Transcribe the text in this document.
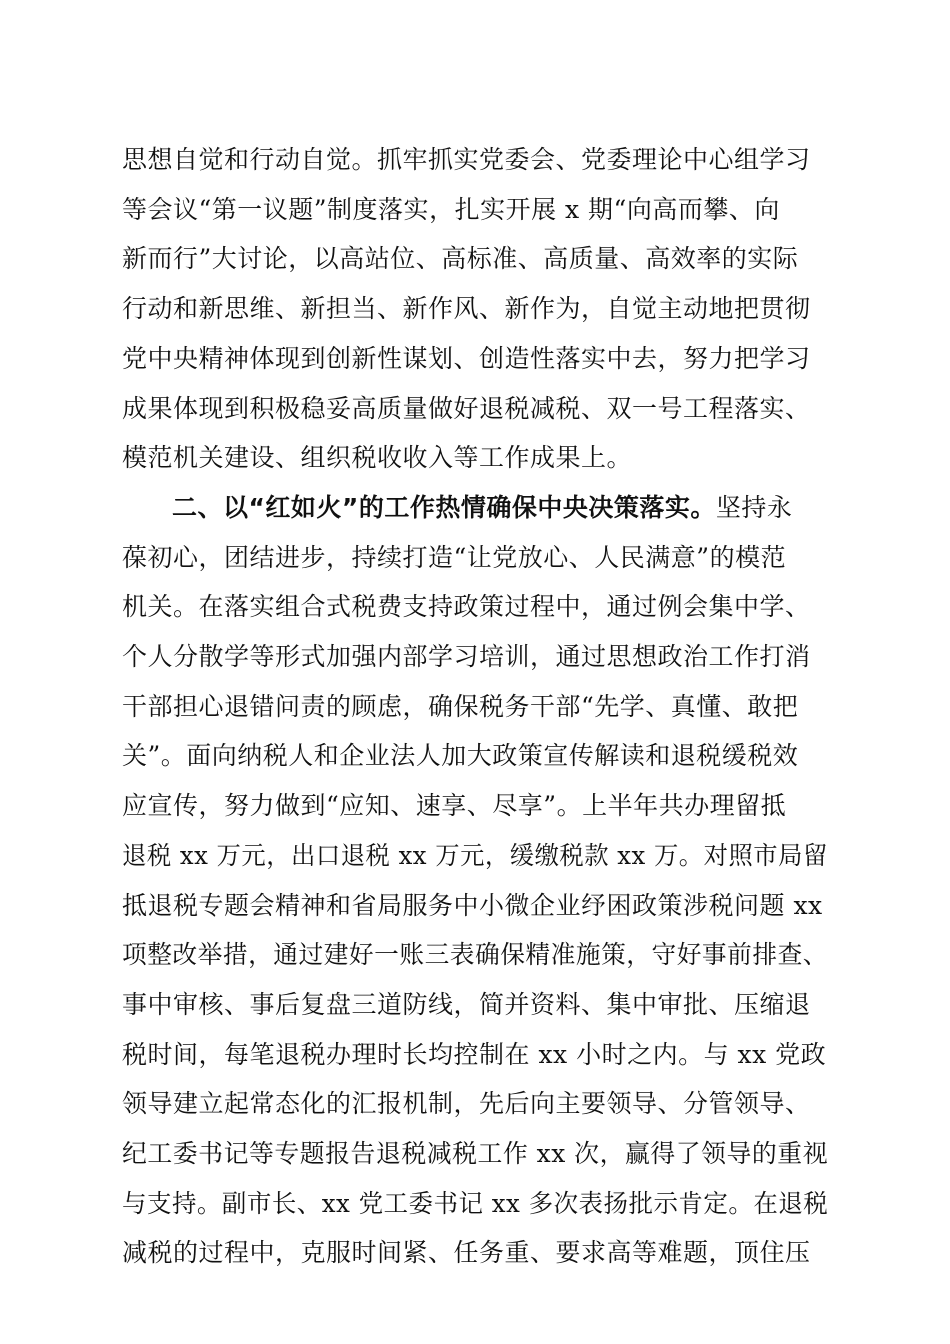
思想自觉和行动自觉。抓牢抓实党委会、党委理论中心组学习
等会议“第一议题”制度落实，扎实开展 x 期“向高而攀、向
新而行”大讨论，以高站位、高标准、高质量、高效率的实际
行动和新思维、新担当、新作风、新作为，自觉主动地把贯彻
党中央精神体现到创新性谋划、创造性落实中去，努力把学习
成果体现到积极稳妥高质量做好退税减税、双一号工程落实、
模范机关建设、组织税收收入等工作成果上。
二、以“红如火”的工作热情确保中央决策落实。坚持永
葆初心，团结进步，持续打造“让党放心、人民满意”的模范
机关。在落实组合式税费支持政策过程中，通过例会集中学、
个人分散学等形式加强内部学习培训，通过思想政治工作打消
干部担心退错问责的顾虑，确保税务干部“先学、真懂、敢把
关”。面向纳税人和企业法人加大政策宣传解读和退税缓税效
应宣传，努力做到“应知、速享、尽享”。上半年共办理留抵
退税 xx 万元，出口退税 xx 万元，缓缴税款 xx 万。对照市局留
抵退税专题会精神和省局服务中小微企业纾困政策涉税问题 xx
项整改举措，通过建好一账三表确保精准施策，守好事前排查、
事中审核、事后复盘三道防线，简并资料、集中审批、压缩退
税时间，每笔退税办理时长均控制在 xx 小时之内。与 xx 党政
领导建立起常态化的汇报机制，先后向主要领导、分管领导、
纪工委书记等专题报告退税减税工作 xx 次，赢得了领导的重视
与支持。副市长、xx 党工委书记 xx 多次表扬批示肯定。在退税
减税的过程中，克服时间紧、任务重、要求高等难题，顶住压
